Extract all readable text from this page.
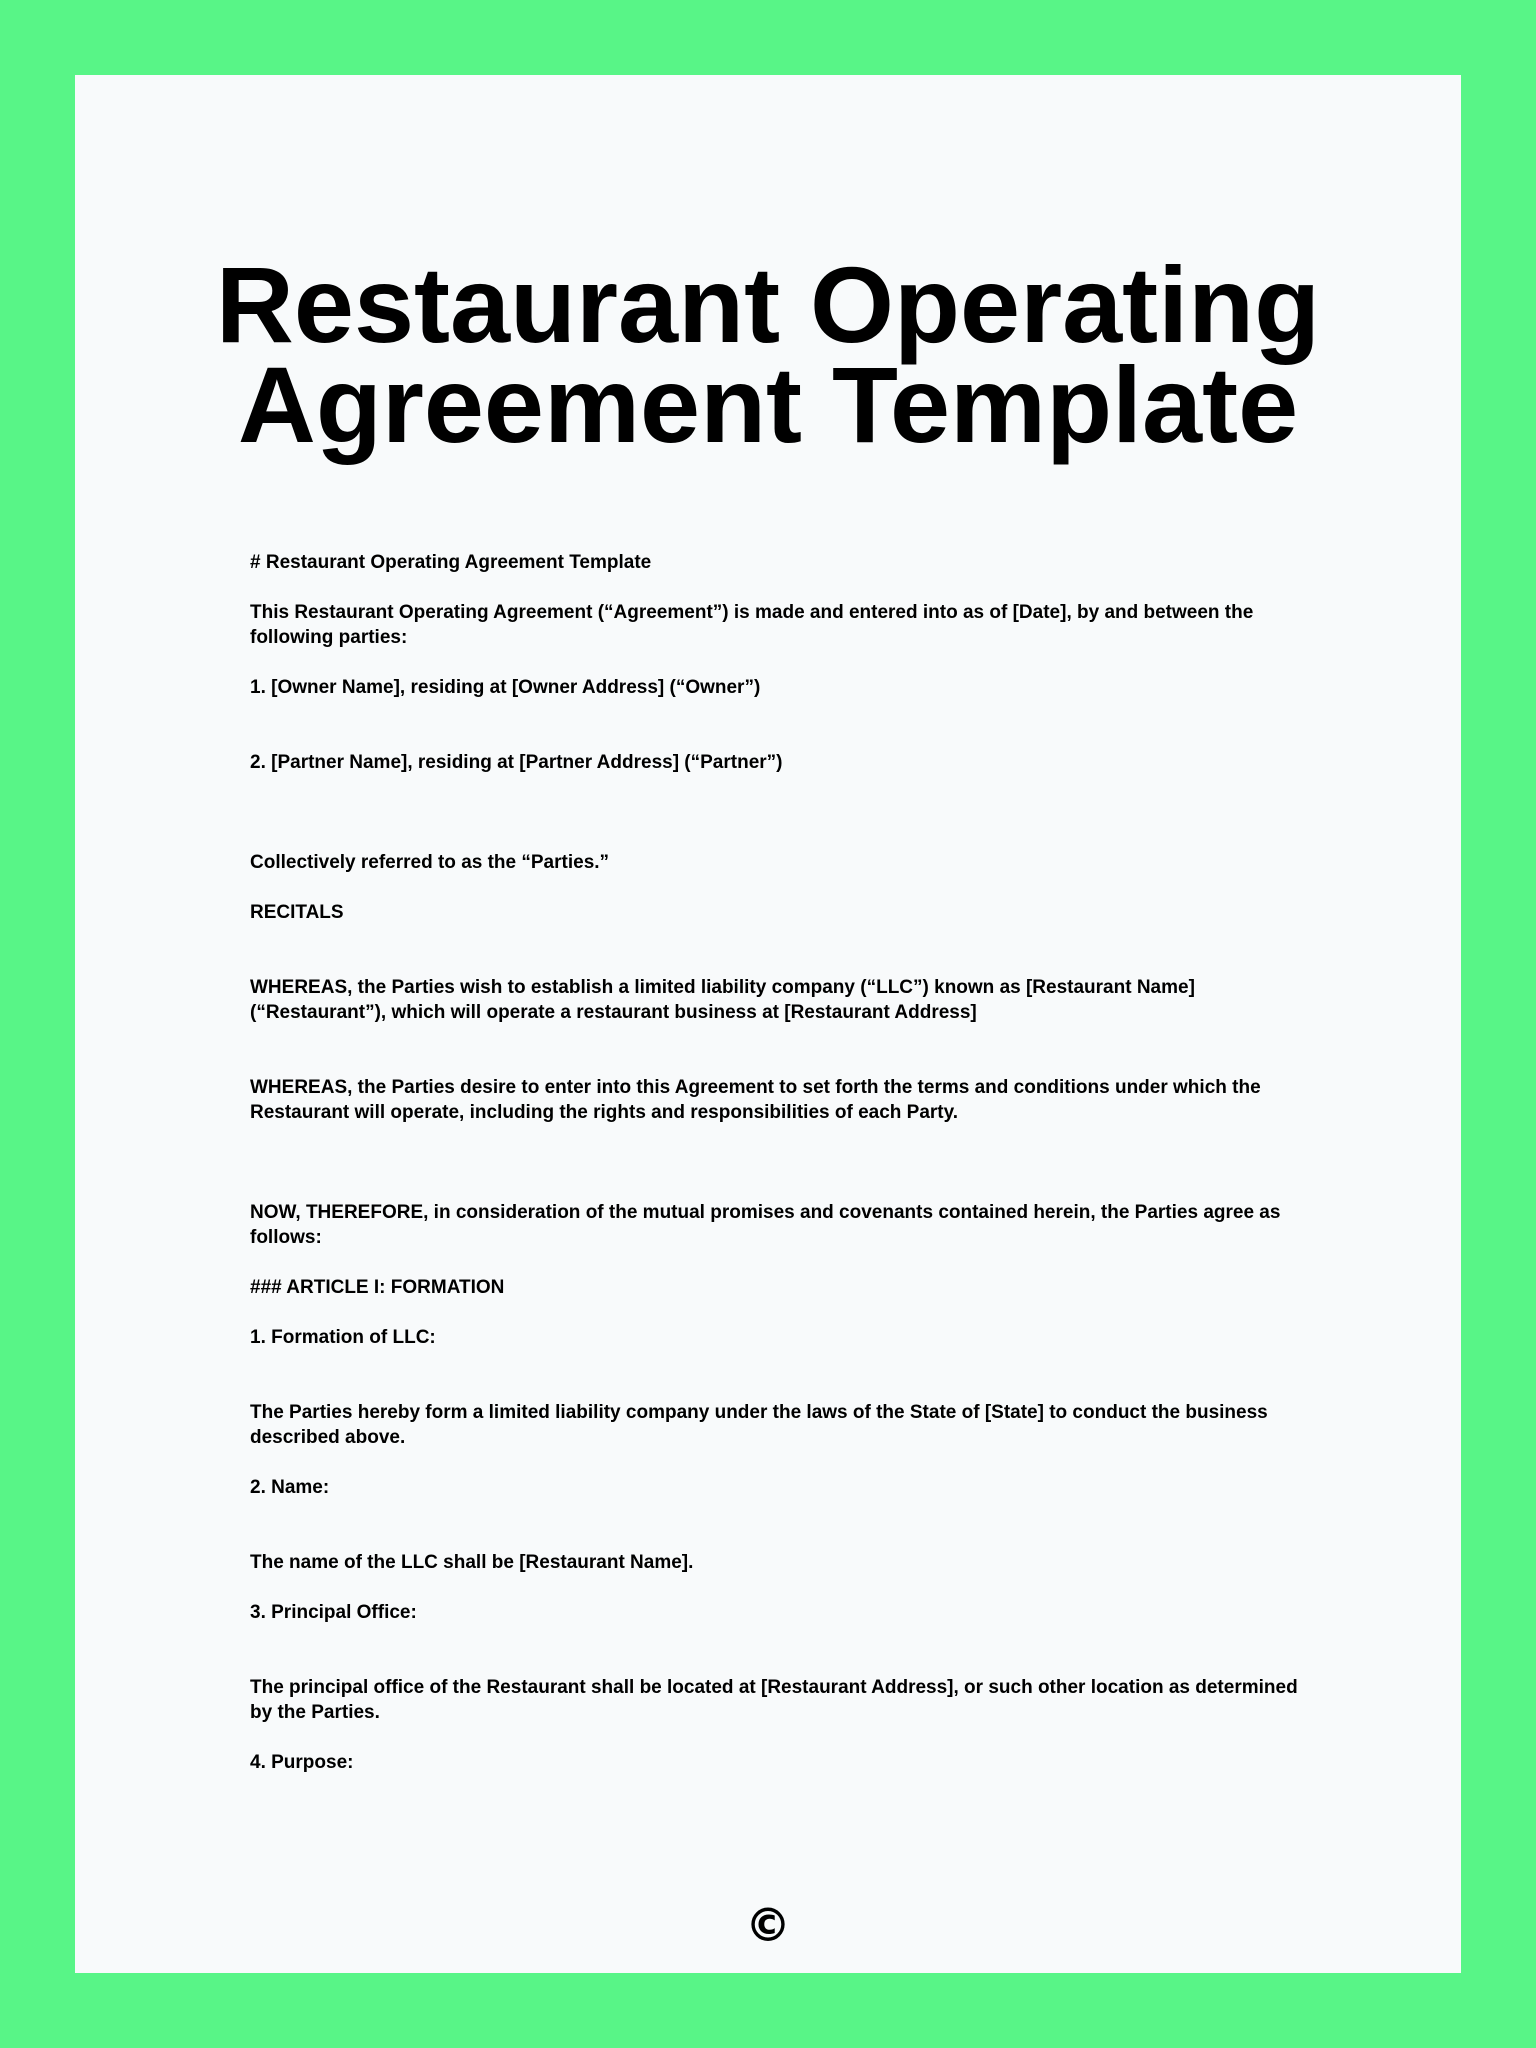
Restaurant Operating
Agreement Template

# Restaurant Operating Agreement Template

This Restaurant Operating Agreement (“Agreement”) is made and entered into as of [Date], by and between the following parties:

1. [Owner Name], residing at [Owner Address] (“Owner”)

2. [Partner Name], residing at [Partner Address] (“Partner”)

Collectively referred to as the “Parties.”

RECITALS

WHEREAS, the Parties wish to establish a limited liability company (“LLC”) known as [Restaurant Name] (“Restaurant”), which will operate a restaurant business at [Restaurant Address]

WHEREAS, the Parties desire to enter into this Agreement to set forth the terms and conditions under which the Restaurant will operate, including the rights and responsibilities of each Party.

NOW, THEREFORE, in consideration of the mutual promises and covenants contained herein, the Parties agree as follows:

### ARTICLE I: FORMATION

1. Formation of LLC:

The Parties hereby form a limited liability company under the laws of the State of [State] to conduct the business described above.

2. Name:

The name of the LLC shall be [Restaurant Name].

3. Principal Office:

The principal office of the Restaurant shall be located at [Restaurant Address], or such other location as determined by the Parties.

4. Purpose:

©
